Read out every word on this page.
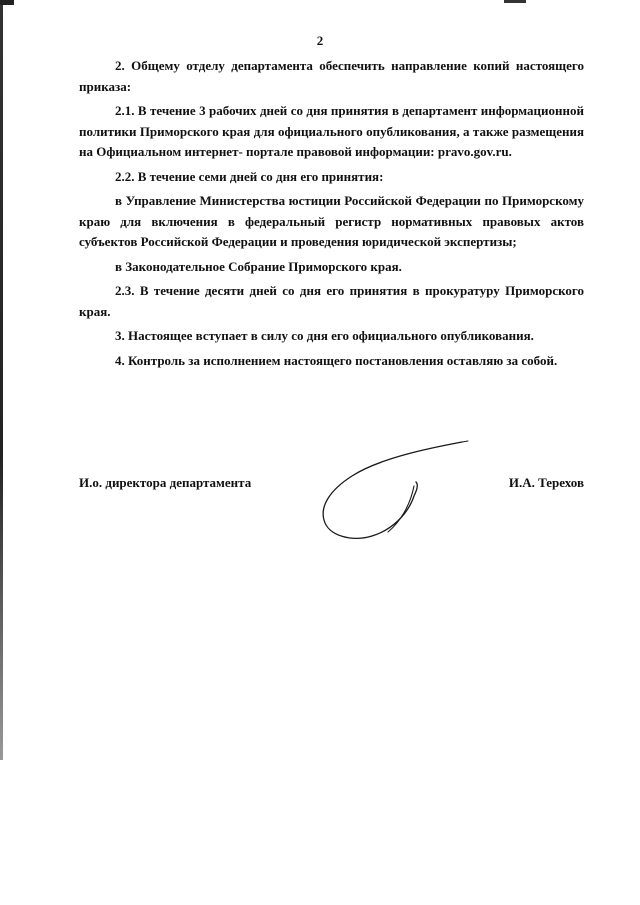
2

2. Общему отделу департамента обеспечить направление копий настоящего приказа:

2.1. В течение 3 рабочих дней со дня принятия в департамент информационной политики Приморского края для официального опубликования, а также размещения на Официальном интернет- портале правовой информации: pravo.gov.ru.

2.2. В течение семи дней со дня его принятия:

в Управление Министерства юстиции Российской Федерации по Приморскому краю для включения в федеральный регистр нормативных правовых актов субъектов Российской Федерации и проведения юридической экспертизы;

в Законодательное Собрание Приморского края.

2.3. В течение десяти дней со дня его принятия в прокуратуру Приморского края.

3. Настоящее вступает в силу со дня его официального опубликования.

4. Контроль за исполнением настоящего постановления оставляю за собой.

И.о. директора департамента	И.А. Терехов
